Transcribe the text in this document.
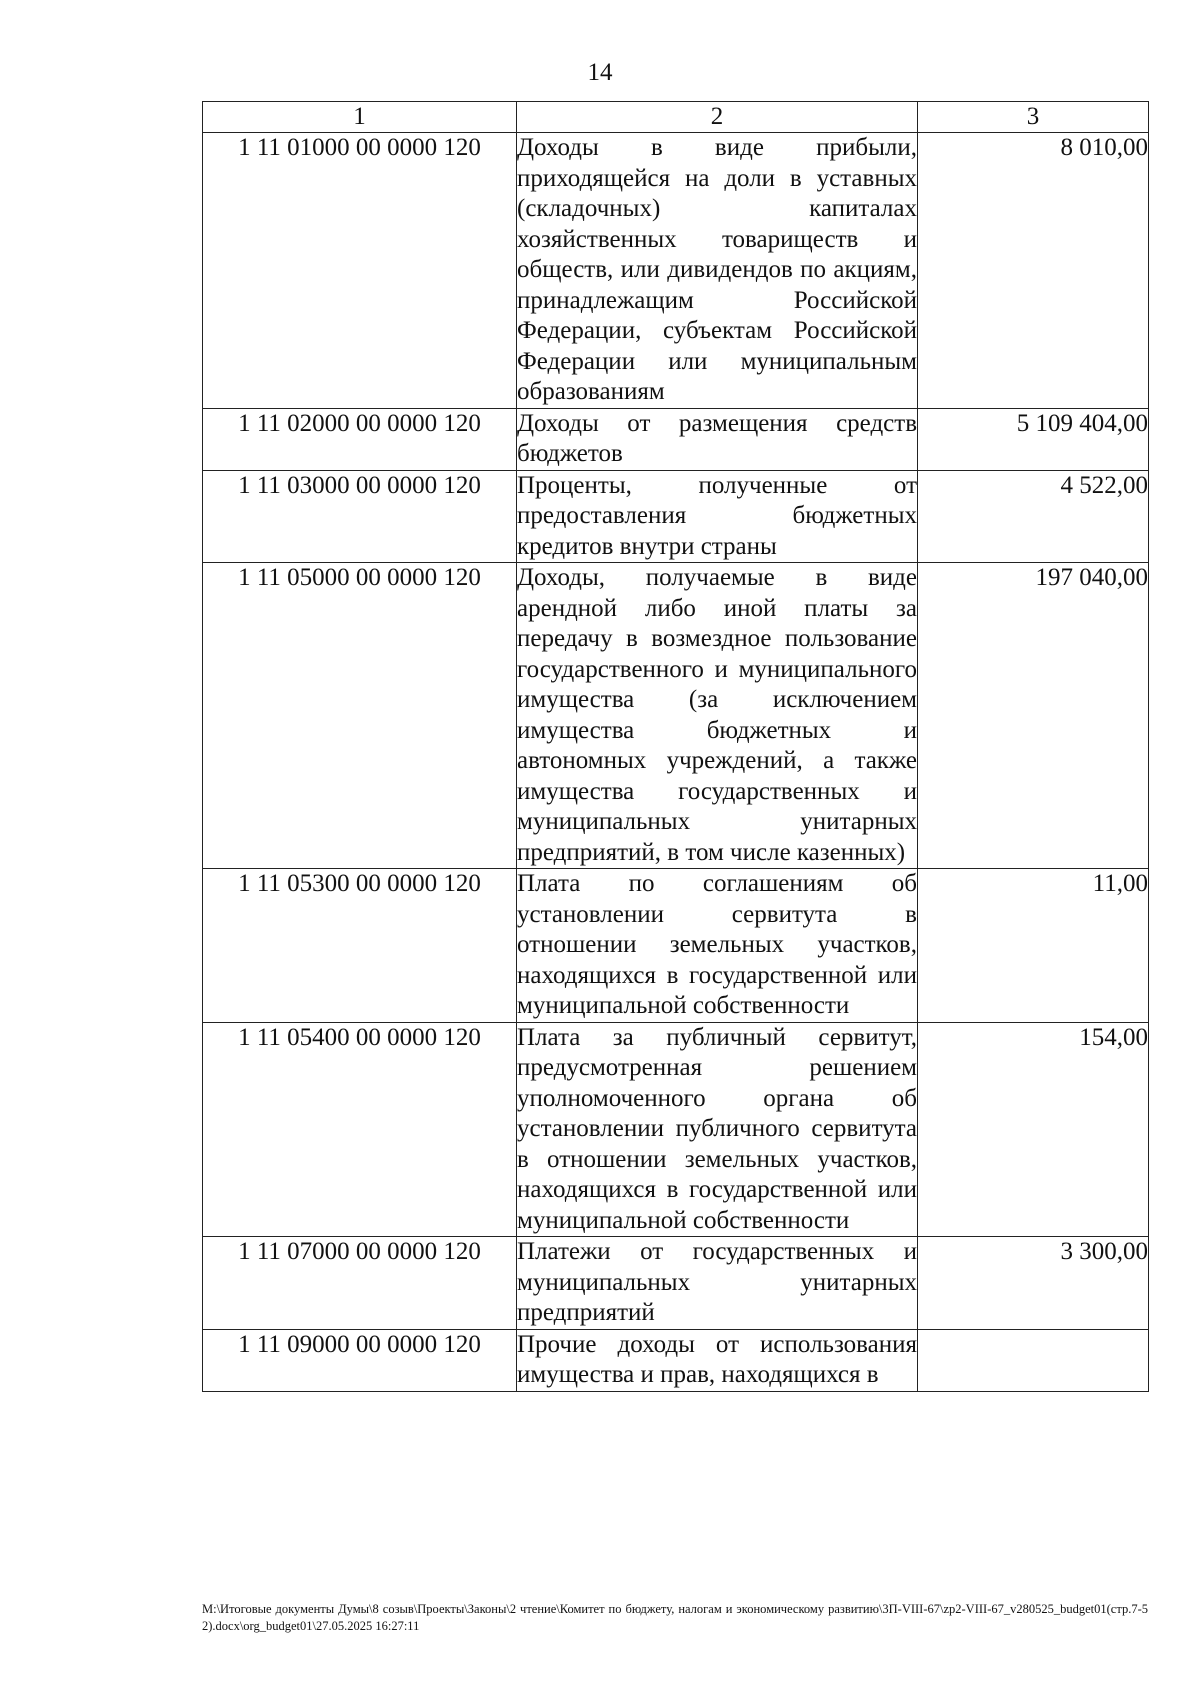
14
1	2	3
1 11 01000 00 0000 120	Доходы в виде прибыли, приходящейся на доли в уставных (складочных) капиталах хозяйственных товариществ и обществ, или дивидендов по акциям, принадлежащим Российской Федерации, субъектам Российской Федерации или муниципальным образованиям	8 010,00
1 11 02000 00 0000 120	Доходы от размещения средств бюджетов	5 109 404,00
1 11 03000 00 0000 120	Проценты, полученные от предоставления бюджетных кредитов внутри страны	4 522,00
1 11 05000 00 0000 120	Доходы, получаемые в виде арендной либо иной платы за передачу в возмездное пользование государственного и муниципального имущества (за исключением имущества бюджетных и автономных учреждений, а также имущества государственных и муниципальных унитарных предприятий, в том числе казенных)	197 040,00
1 11 05300 00 0000 120	Плата по соглашениям об установлении сервитута в отношении земельных участков, находящихся в государственной или муниципальной собственности	11,00
1 11 05400 00 0000 120	Плата за публичный сервитут, предусмотренная решением уполномоченного органа об установлении публичного сервитута в отношении земельных участков, находящихся в государственной или муниципальной собственности	154,00
1 11 07000 00 0000 120	Платежи от государственных и муниципальных унитарных предприятий	3 300,00
1 11 09000 00 0000 120	Прочие доходы от использования имущества и прав, находящихся в	
М:\Итоговые документы Думы\8 созыв\Проекты\Законы\2 чтение\Комитет по бюджету, налогам и экономическому развитию\3П-VIII-67\zp2-VIII-67_v280525_budget01(стр.7-52).docx\org_budget01\27.05.2025 16:27:11
